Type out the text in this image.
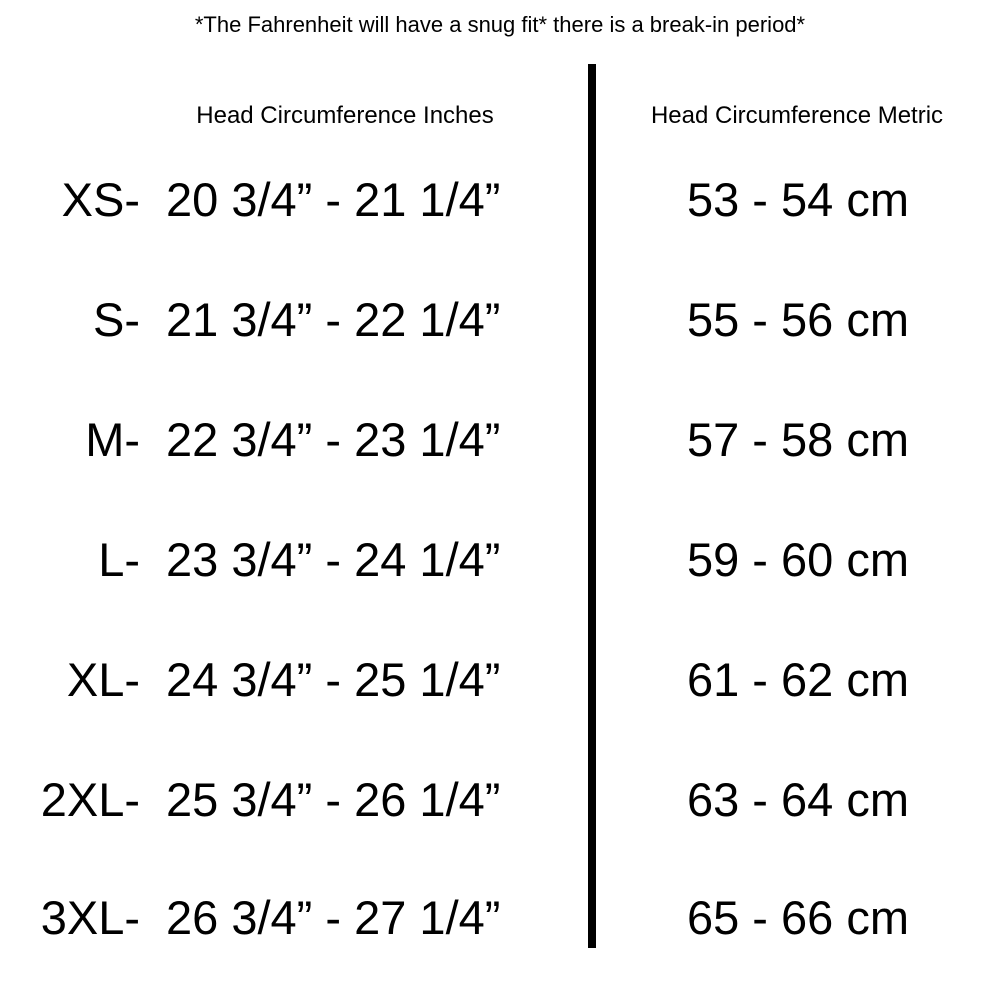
*The Fahrenheit will have a snug fit* there is a break-in period*
Head Circumference Inches	Head Circumference Metric
XS- 20 3/4” - 21 1/4”	53 - 54 cm
S- 21 3/4” - 22 1/4”	55 - 56 cm
M- 22 3/4” - 23 1/4”	57 - 58 cm
L- 23 3/4” - 24 1/4”	59 - 60 cm
XL- 24 3/4” - 25 1/4”	61 - 62 cm
2XL- 25 3/4” - 26 1/4”	63 - 64 cm
3XL- 26 3/4” - 27 1/4”	65 - 66 cm
